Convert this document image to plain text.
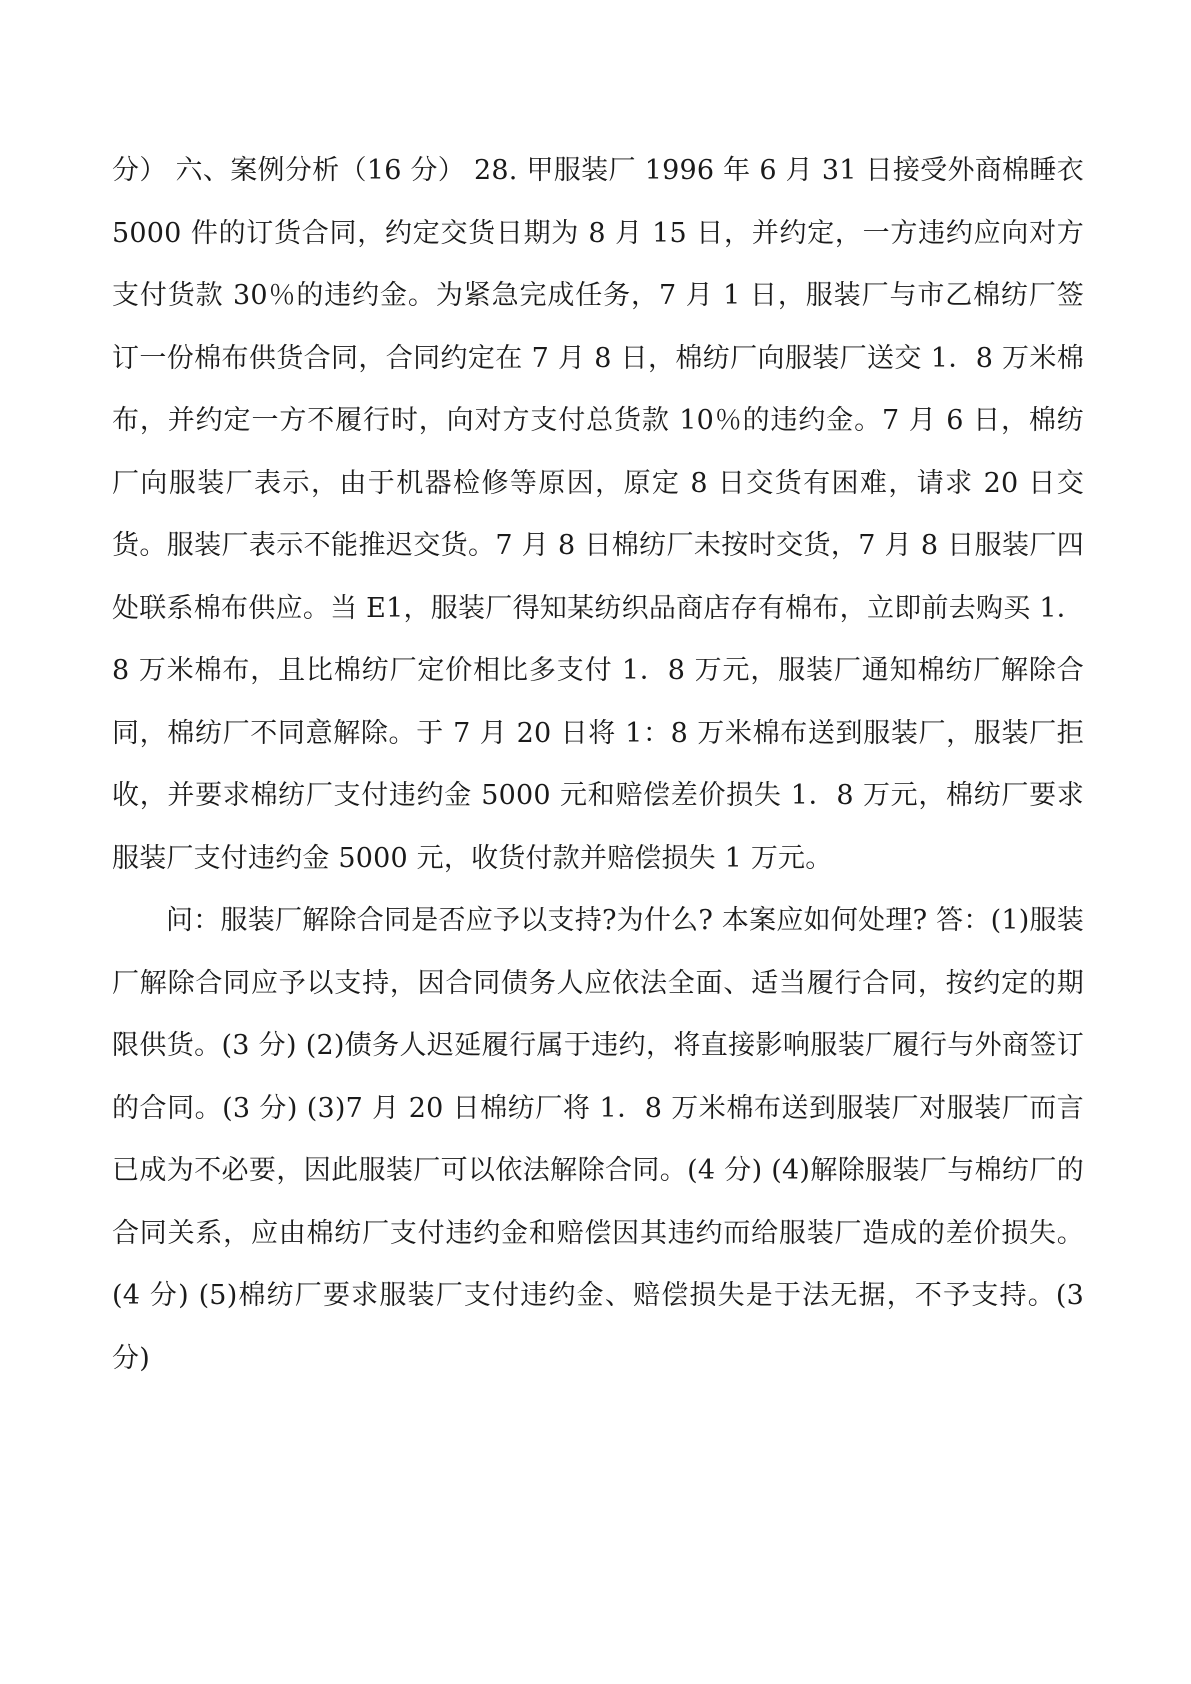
分） 六、案例分析（16 分） 28. 甲服装厂 1996 年 6 月 31 日接受外商棉睡衣 5000 件的订货合同，约定交货日期为 8 月 15 日，并约定，一方违约应向对方支付货款 30％的违约金。为紧急完成任务，7 月 1 日，服装厂与市乙棉纺厂签订一份棉布供货合同，合同约定在 7 月 8 日，棉纺厂向服装厂送交 1．8 万米棉布，并约定一方不履行时，向对方支付总货款 10％的违约金。7 月 6 日，棉纺厂向服装厂表示，由于机器检修等原因，原定 8 日交货有困难，请求 20 日交货。服装厂表示不能推迟交货。7 月 8 日棉纺厂未按时交货，7 月 8 日服装厂四处联系棉布供应。当 E1，服装厂得知某纺织品商店存有棉布，立即前去购买 1．8 万米棉布，且比棉纺厂定价相比多支付 1．8 万元，服装厂通知棉纺厂解除合同，棉纺厂不同意解除。于 7 月 20 日将 1：8 万米棉布送到服装厂，服装厂拒收，并要求棉纺厂支付违约金 5000 元和赔偿差价损失 1．8 万元，棉纺厂要求服装厂支付违约金 5000 元，收货付款并赔偿损失 1 万元。

问：服装厂解除合同是否应予以支持?为什么? 本案应如何处理? 答：(1)服装厂解除合同应予以支持，因合同债务人应依法全面、适当履行合同，按约定的期限供货。(3 分) (2)债务人迟延履行属于违约，将直接影响服装厂履行与外商签订的合同。(3 分) (3)7 月 20 日棉纺厂将 1．8 万米棉布送到服装厂对服装厂而言已成为不必要，因此服装厂可以依法解除合同。(4 分) (4)解除服装厂与棉纺厂的合同关系，应由棉纺厂支付违约金和赔偿因其违约而给服装厂造成的差价损失。(4 分) (5)棉纺厂要求服装厂支付违约金、赔偿损失是于法无据，不予支持。(3 分)
